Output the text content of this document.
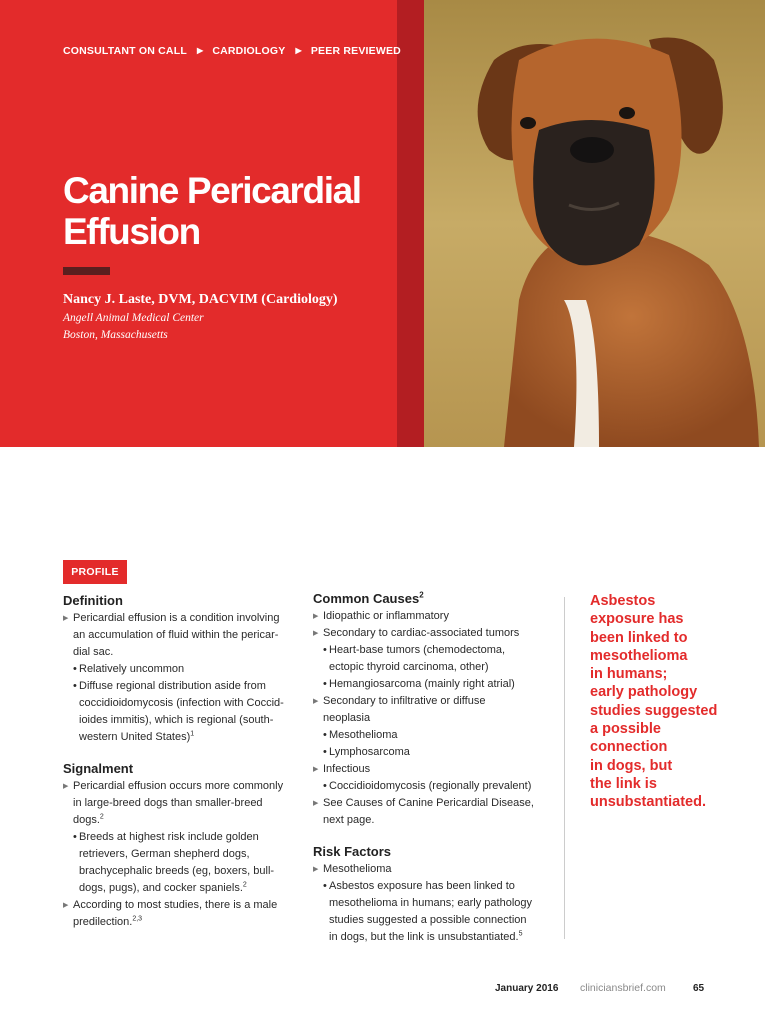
CONSULTANT ON CALL ▶ CARDIOLOGY ▶ PEER REVIEWED
Canine Pericardial
Effusion
Nancy J. Laste, DVM, DACVIM (Cardiology)
Angell Animal Medical Center
Boston, Massachusetts
PROFILE
Definition
▶ Pericardial effusion is a condition involving
an accumulation of fluid within the pericar-
dial sac.
• Relatively uncommon
• Diffuse regional distribution aside from
coccidioidomycosis (infection with Coccid-
ioides immitis), which is regional (south-
western United States)$^1$
Signalment
▶ Pericardial effusion occurs more commonly
in large-breed dogs than smaller-breed
dogs.$^2$
• Breeds at highest risk include golden
retrievers, German shepherd dogs,
brachycephalic breeds (eg, boxers, bull-
dogs, pugs), and cocker spaniels.$^2$
▶ According to most studies, there is a male
predilection.$^{2,3}$
Common Causes$^2$
▶ Idiopathic or inflammatory
▶ Secondary to cardiac-associated tumors
• Heart-base tumors (chemodectoma,
ectopic thyroid carcinoma, other)
• Hemangiosarcoma (mainly right atrial)
▶ Secondary to infiltrative or diffuse
neoplasia
• Mesothelioma
• Lymphosarcoma
▶ Infectious
• Coccidioidomycosis (regionally prevalent)
▶ See Causes of Canine Pericardial Disease,
next page.
Risk Factors
▶ Mesothelioma
• Asbestos exposure has been linked to
mesothelioma in humans; early pathology
studies suggested a possible connection
in dogs, but the link is unsubstantiated.$^5$
Asbestos
exposure has
been linked to
mesothelioma
in humans;
early pathology
studies suggested
a possible
connection
in dogs, but
the link is
unsubstantiated.
January 2016 cliniciansbrief.com	65
